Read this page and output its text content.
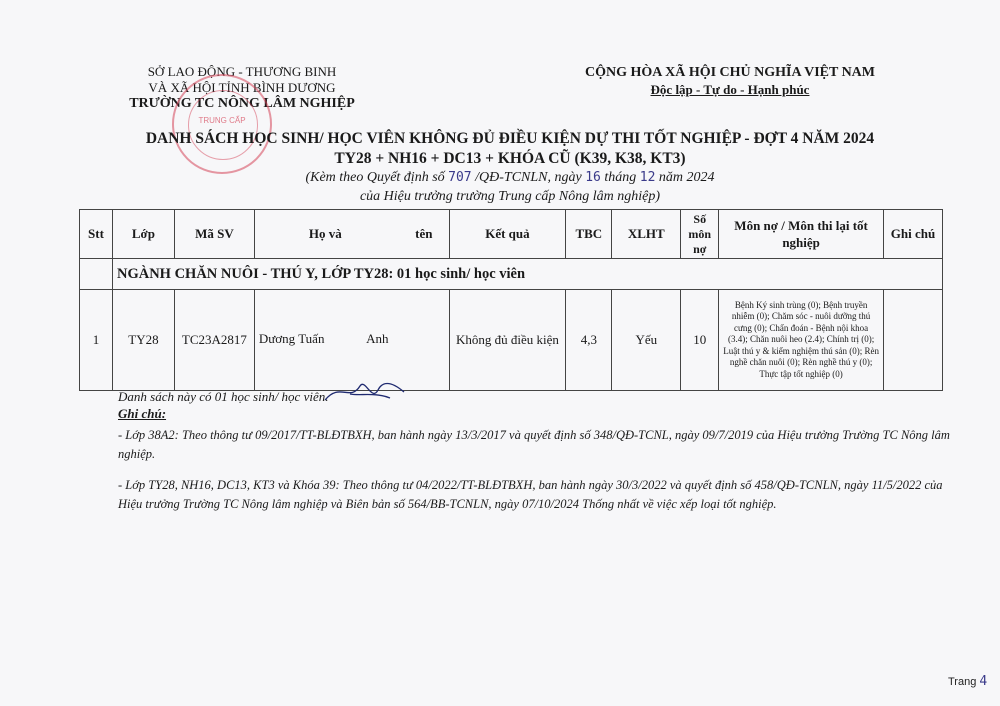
SỞ LAO ĐỘNG - THƯƠNG BINH
VÀ XÃ HỘI TỈNH BÌNH DƯƠNG
TRƯỜNG TC NÔNG LÂM NGHIỆP
TRUNG CẤP
CỘNG HÒA XÃ HỘI CHỦ NGHĨA VIỆT NAM
Độc lập - Tự do - Hạnh phúc
DANH SÁCH HỌC SINH/ HỌC VIÊN KHÔNG ĐỦ ĐIỀU KIỆN DỰ THI TỐT NGHIỆP - ĐỢT 4 NĂM 2024
TY28 + NH16 + DC13 + KHÓA CŨ (K39, K38, KT3)
(Kèm theo Quyết định số 707 /QĐ-TCNLN, ngày 16 tháng 12 năm 2024
của Hiệu trưởng trường Trung cấp Nông lâm nghiệp)
Stt	Lớp	Mã SV	Họ và tên	Kết quả	TBC	XLHT	Số môn nợ	Môn nợ / Môn thi lại tốt nghiệp	Ghi chú
	NGÀNH CHĂN NUÔI - THÚ Y, LỚP TY28: 01 học sinh/ học viên								
1	TY28	TC23A2817	Dương Tuấn Anh	Không đủ điều kiện	4,3	Yếu	10	Bệnh Ký sinh trùng (0); Bệnh truyền nhiễm (0); Chăm sóc - nuôi dưỡng thú cưng (0); Chẩn đoán - Bệnh nội khoa (3.4); Chăn nuôi heo (2.4); Chính trị (0); Luật thú y & kiểm nghiệm thú sản (0); Rèn nghề chăn nuôi (0); Rèn nghề thú y (0); Thực tập tốt nghiệp (0)	
Danh sách này có 01 học sinh/ học viên.
Ghi chú:
- Lớp 38A2: Theo thông tư 09/2017/TT-BLĐTBXH, ban hành ngày 13/3/2017 và quyết định số 348/QĐ-TCNL, ngày 09/7/2019 của Hiệu trưởng Trường TC Nông lâm nghiệp.
- Lớp TY28, NH16, DC13, KT3 và Khóa 39: Theo thông tư 04/2022/TT-BLĐTBXH, ban hành ngày 30/3/2022 và quyết định số 458/QĐ-TCNLN, ngày 11/5/2022 của Hiệu trưởng Trường TC Nông lâm nghiệp và Biên bản số 564/BB-TCNLN, ngày 07/10/2024 Thống nhất về việc xếp loại tốt nghiệp.
Trang 4
